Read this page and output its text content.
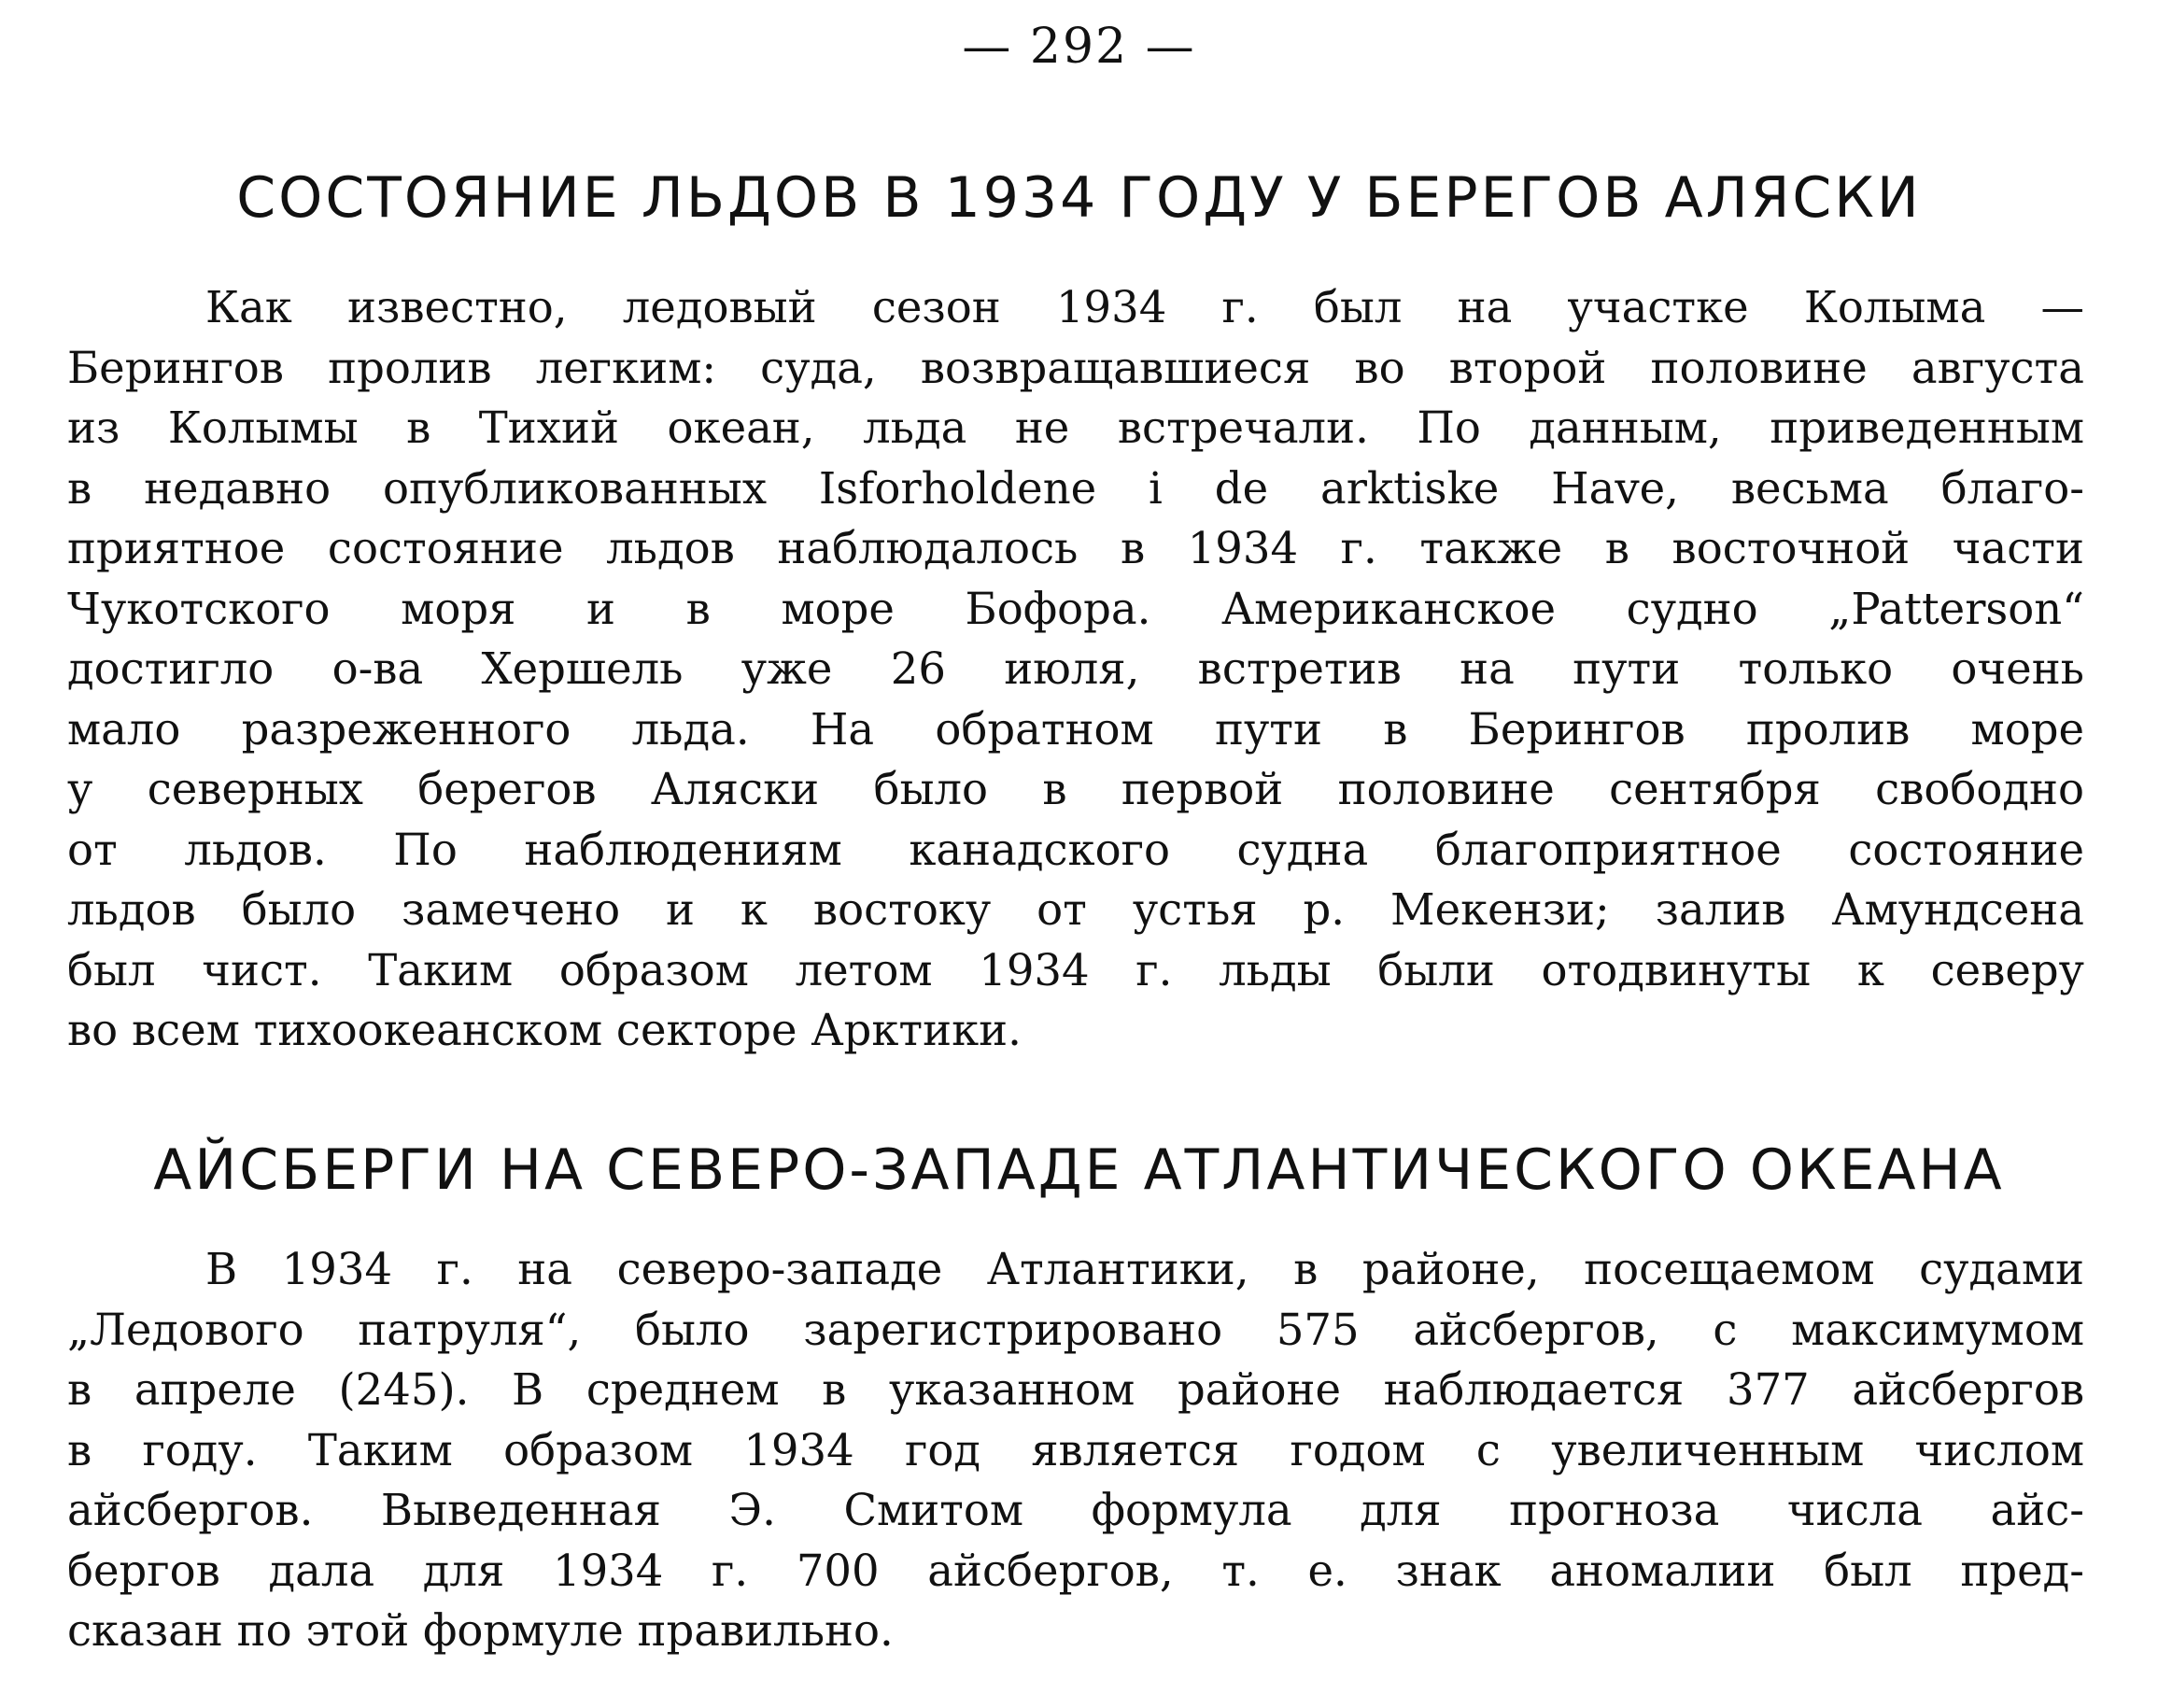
— 292 —
СОСТОЯНИЕ ЛЬДОВ В 1934 ГОДУ У БЕРЕГОВ АЛЯСКИ
Как известно, ледовый сезон 1934 г. был на участке Колыма —
Берингов пролив легким: суда, возвращавшиеся во второй половине августа
из Колымы в Тихий океан, льда не встречали. По данным, приведенным
в недавно опубликованных Isforholdene i de arktiske Have, весьма благо-
приятное состояние льдов наблюдалось в 1934 г. также в восточной части
Чукотского моря и в море Бофора. Американское судно „Patterson“
достигло о-ва Хершель уже 26 июля, встретив на пути только очень
мало разреженного льда. На обратном пути в Берингов пролив море
у северных берегов Аляски было в первой половине сентября свободно
от льдов. По наблюдениям канадского судна благоприятное состояние
льдов было замечено и к востоку от устья р. Мекензи; залив Амундсена
был чист. Таким образом летом 1934 г. льды были отодвинуты к северу
во всем тихоокеанском секторе Арктики.
АЙСБЕРГИ НА СЕВЕРО-ЗАПАДЕ АТЛАНТИЧЕСКОГО ОКЕАНА
В 1934 г. на северо-западе Атлантики, в районе, посещаемом судами
„Ледового патруля“, было зарегистрировано 575 айсбергов, с максимумом
в апреле (245). В среднем в указанном районе наблюдается 377 айсбергов
в году. Таким образом 1934 год является годом с увеличенным числом
айсбергов. Выведенная Э. Смитом формула для прогноза числа айс-
бергов дала для 1934 г. 700 айсбергов, т. е. знак аномалии был пред-
сказан по этой формуле правильно.
